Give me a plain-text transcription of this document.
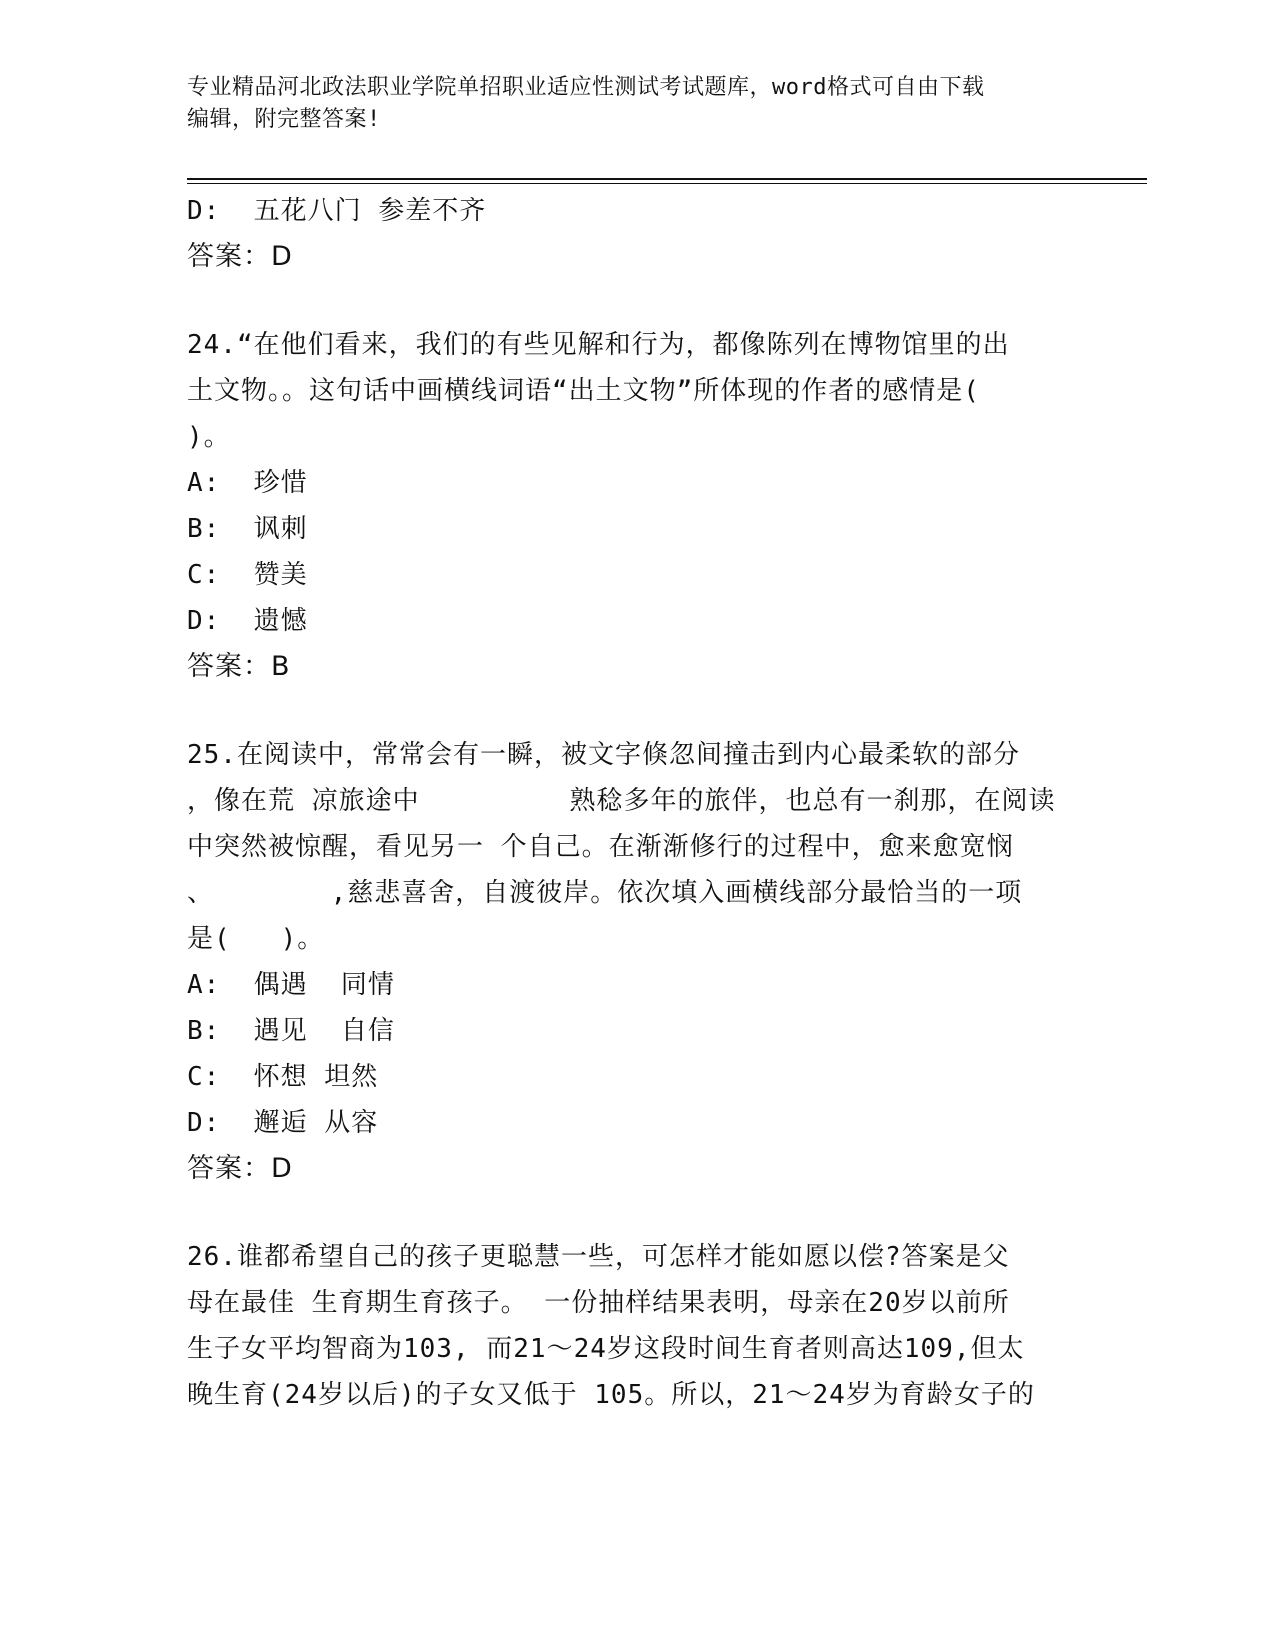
专业精品河北政法职业学院单招职业适应性测试考试题库，word格式可自由下载
编辑，附完整答案!
D:  五花八门 参差不齐
答案：D
24.“在他们看来，我们的有些见解和行为，都像陈列在博物馆里的出
土文物。。这句话中画横线词语“出土文物”所体现的作者的感情是(
)。
A:  珍惜
B:  讽刺
C:  赞美
D:  遗憾
答案：B
25.在阅读中，常常会有一瞬，被文字倏忽间撞击到内心最柔软的部分
，像在荒 凉旅途中         熟稔多年的旅伴，也总有一刹那，在阅读
中突然被惊醒，看见另一 个自己。在渐渐修行的过程中，愈来愈宽悯
、       ,慈悲喜舍，自渡彼岸。依次填入画横线部分最恰当的一项
是(   )。
A:  偶遇  同情
B:  遇见  自信
C:  怀想 坦然
D:  邂逅 从容
答案：D
26.谁都希望自己的孩子更聪慧一些，可怎样才能如愿以偿?答案是父
母在最佳 生育期生育孩子。 一份抽样结果表明，母亲在20岁以前所
生子女平均智商为103, 而21～24岁这段时间生育者则高达109,但太
晚生育(24岁以后)的子女又低于 105。所以，21～24岁为育龄女子的
